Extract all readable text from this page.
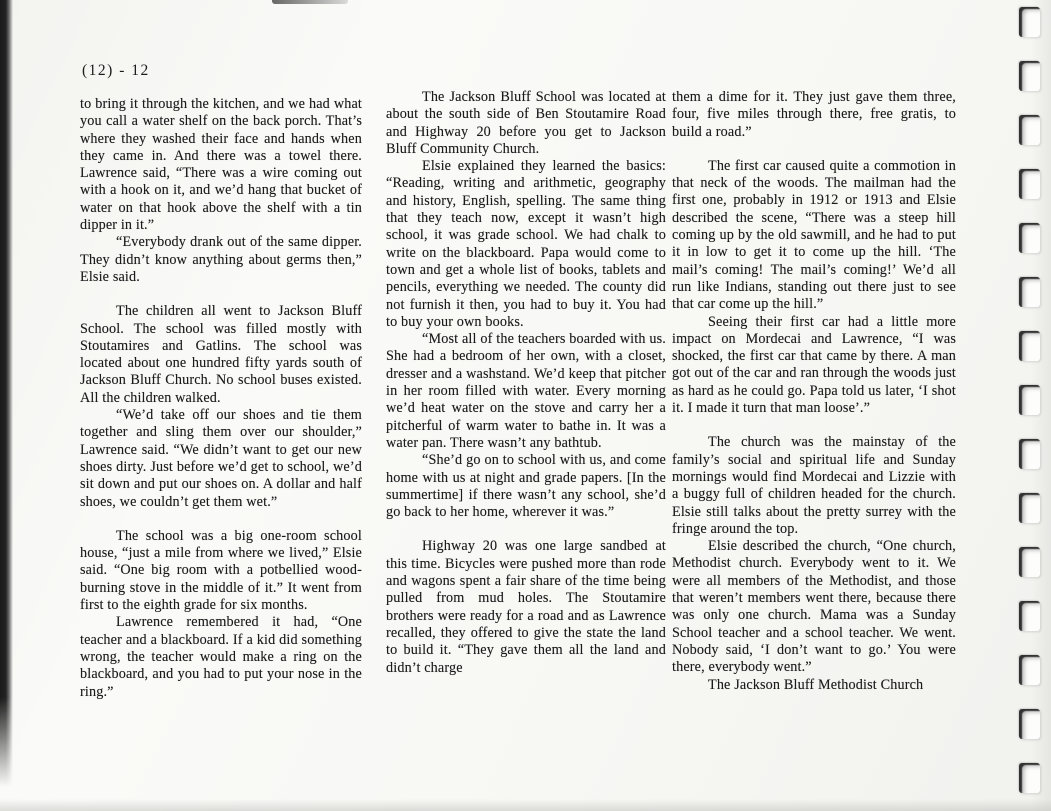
(12) - 12

to bring it through the kitchen, and we had what you call a water shelf on the back porch. That’s where they washed their face and hands when they came in. And there was a towel there. Lawrence said, “There was a wire coming out with a hook on it, and we’d hang that bucket of water on that hook above the shelf with a tin dipper in it.”

“Everybody drank out of the same dipper. They didn’t know anything about germs then,” Elsie said.

The children all went to Jackson Bluff School. The school was filled mostly with Stoutamires and Gatlins. The school was located about one hundred fifty yards south of Jackson Bluff Church. No school buses existed. All the children walked.

“We’d take off our shoes and tie them together and sling them over our shoulder,” Lawrence said. “We didn’t want to get our new shoes dirty. Just before we’d get to school, we’d sit down and put our shoes on. A dollar and half shoes, we couldn’t get them wet.”

The school was a big one-room school house, “just a mile from where we lived,” Elsie said. “One big room with a potbellied wood-burning stove in the middle of it.” It went from first to the eighth grade for six months.

Lawrence remembered it had, “One teacher and a blackboard. If a kid did something wrong, the teacher would make a ring on the blackboard, and you had to put your nose in the ring.”

The Jackson Bluff School was located at about the south side of Ben Stoutamire Road and Highway 20 before you get to Jackson Bluff Community Church.

Elsie explained they learned the basics: “Reading, writing and arithmetic, geography and history, English, spelling. The same thing that they teach now, except it wasn’t high school, it was grade school. We had chalk to write on the blackboard. Papa would come to town and get a whole list of books, tablets and pencils, everything we needed. The county did not furnish it then, you had to buy it. You had to buy your own books.

“Most all of the teachers boarded with us. She had a bedroom of her own, with a closet, dresser and a washstand. We’d keep that pitcher in her room filled with water. Every morning we’d heat water on the stove and carry her a pitcherful of warm water to bathe in. It was a water pan. There wasn’t any bathtub.

“She’d go on to school with us, and come home with us at night and grade papers. [In the summertime] if there wasn’t any school, she’d go back to her home, wherever it was.”

Highway 20 was one large sandbed at this time. Bicycles were pushed more than rode and wagons spent a fair share of the time being pulled from mud holes. The Stoutamire brothers were ready for a road and as Lawrence recalled, they offered to give the state the land to build it. “They gave them all the land and didn’t charge

them a dime for it. They just gave them three, four, five miles through there, free gratis, to build a road.”

The first car caused quite a commotion in that neck of the woods. The mailman had the first one, probably in 1912 or 1913 and Elsie described the scene, “There was a steep hill coming up by the old sawmill, and he had to put it in low to get it to come up the hill. ‘The mail’s coming! The mail’s coming!’ We’d all run like Indians, standing out there just to see that car come up the hill.”

Seeing their first car had a little more impact on Mordecai and Lawrence, “I was shocked, the first car that came by there. A man got out of the car and ran through the woods just as hard as he could go. Papa told us later, ‘I shot it. I made it turn that man loose’.”

The church was the mainstay of the family’s social and spiritual life and Sunday mornings would find Mordecai and Lizzie with a buggy full of children headed for the church. Elsie still talks about the pretty surrey with the fringe around the top.

Elsie described the church, “One church, Methodist church. Everybody went to it. We were all members of the Methodist, and those that weren’t members went there, because there was only one church. Mama was a Sunday School teacher and a school teacher. We went. Nobody said, ‘I don’t want to go.’ You were there, everybody went.”

The Jackson Bluff Methodist Church
